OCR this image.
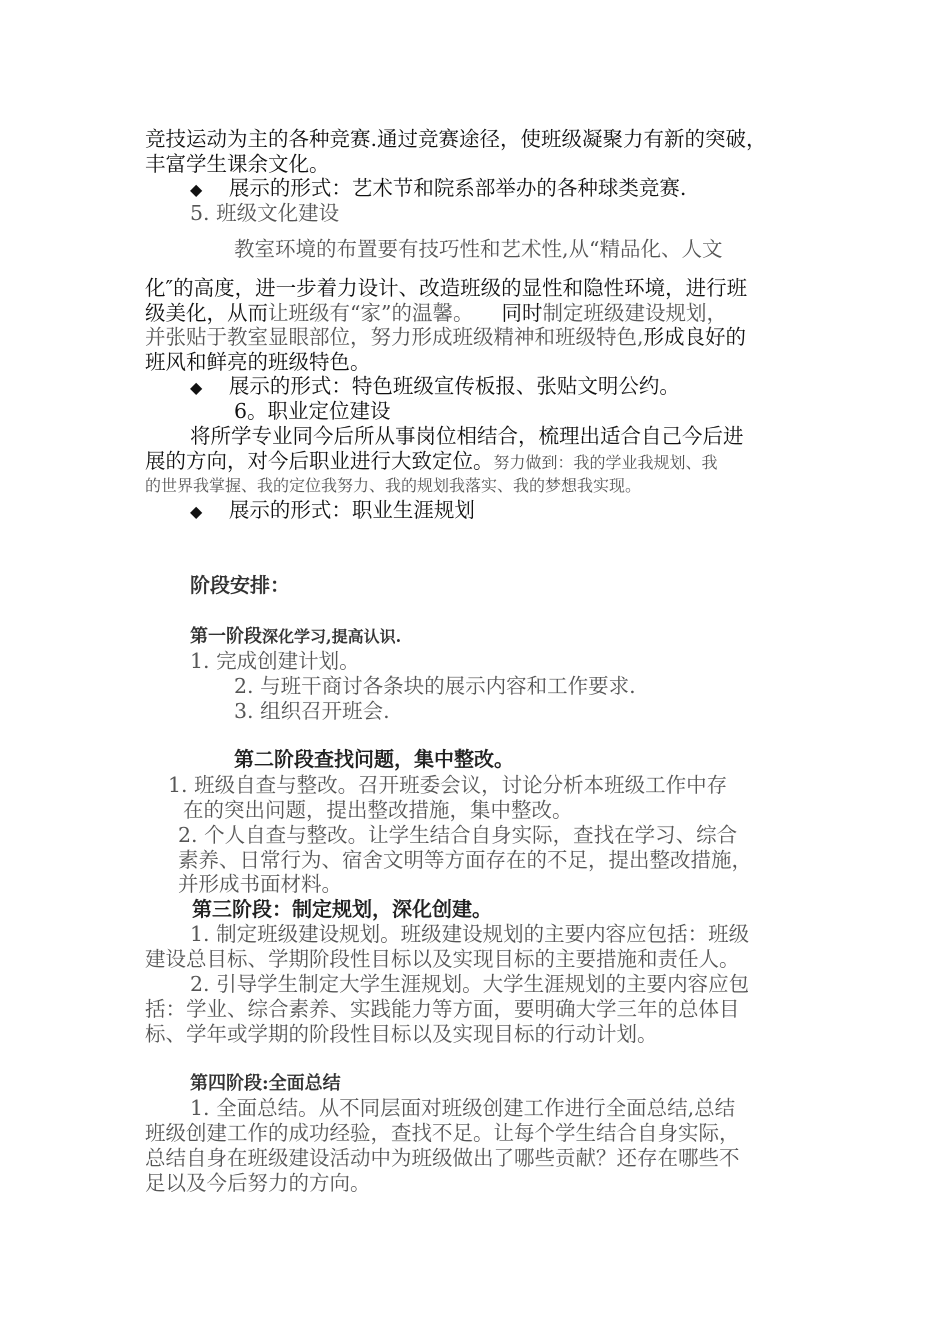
竞技运动为主的各种竞赛.通过竞赛途径，使班级凝聚力有新的突破，
丰富学生课余文化。
◆ 展示的形式：艺术节和院系部举办的各种球类竞赛.
5. 班级文化建设
教室环境的布置要有技巧性和艺术性,从“精品化、人文
化″的高度，进一步着力设计、改造班级的显性和隐性环境，进行班
级美化，从而让班级有“家”的温馨。 同时制定班级建设规划，
并张贴于教室显眼部位，努力形成班级精神和班级特色,形成良好的
班风和鲜亮的班级特色。
◆ 展示的形式：特色班级宣传板报、张贴文明公约。
6。职业定位建设
将所学专业同今后所从事岗位相结合，梳理出适合自己今后进
展的方向，对今后职业进行大致定位。努力做到：我的学业我规划、我
的世界我掌握、我的定位我努力、我的规划我落实、我的梦想我实现。
◆ 展示的形式：职业生涯规划
阶段安排：
第一阶段深化学习,提高认识.
1. 完成创建计划。
2. 与班干商讨各条块的展示内容和工作要求.
3. 组织召开班会.
第二阶段查找问题，集中整改。
1. 班级自查与整改。召开班委会议，讨论分析本班级工作中存
在的突出问题，提出整改措施，集中整改。
2. 个人自查与整改。让学生结合自身实际，查找在学习、综合
素养、日常行为、宿舍文明等方面存在的不足，提出整改措施，
并形成书面材料。
第三阶段：制定规划，深化创建。
1. 制定班级建设规划。班级建设规划的主要内容应包括：班级
建设总目标、学期阶段性目标以及实现目标的主要措施和责任人。
2. 引导学生制定大学生涯规划。大学生涯规划的主要内容应包
括：学业、综合素养、实践能力等方面，要明确大学三年的总体目
标、学年或学期的阶段性目标以及实现目标的行动计划。
第四阶段:全面总结
1. 全面总结。从不同层面对班级创建工作进行全面总结,总结
班级创建工作的成功经验，查找不足。让每个学生结合自身实际，
总结自身在班级建设活动中为班级做出了哪些贡献？还存在哪些不
足以及今后努力的方向。
